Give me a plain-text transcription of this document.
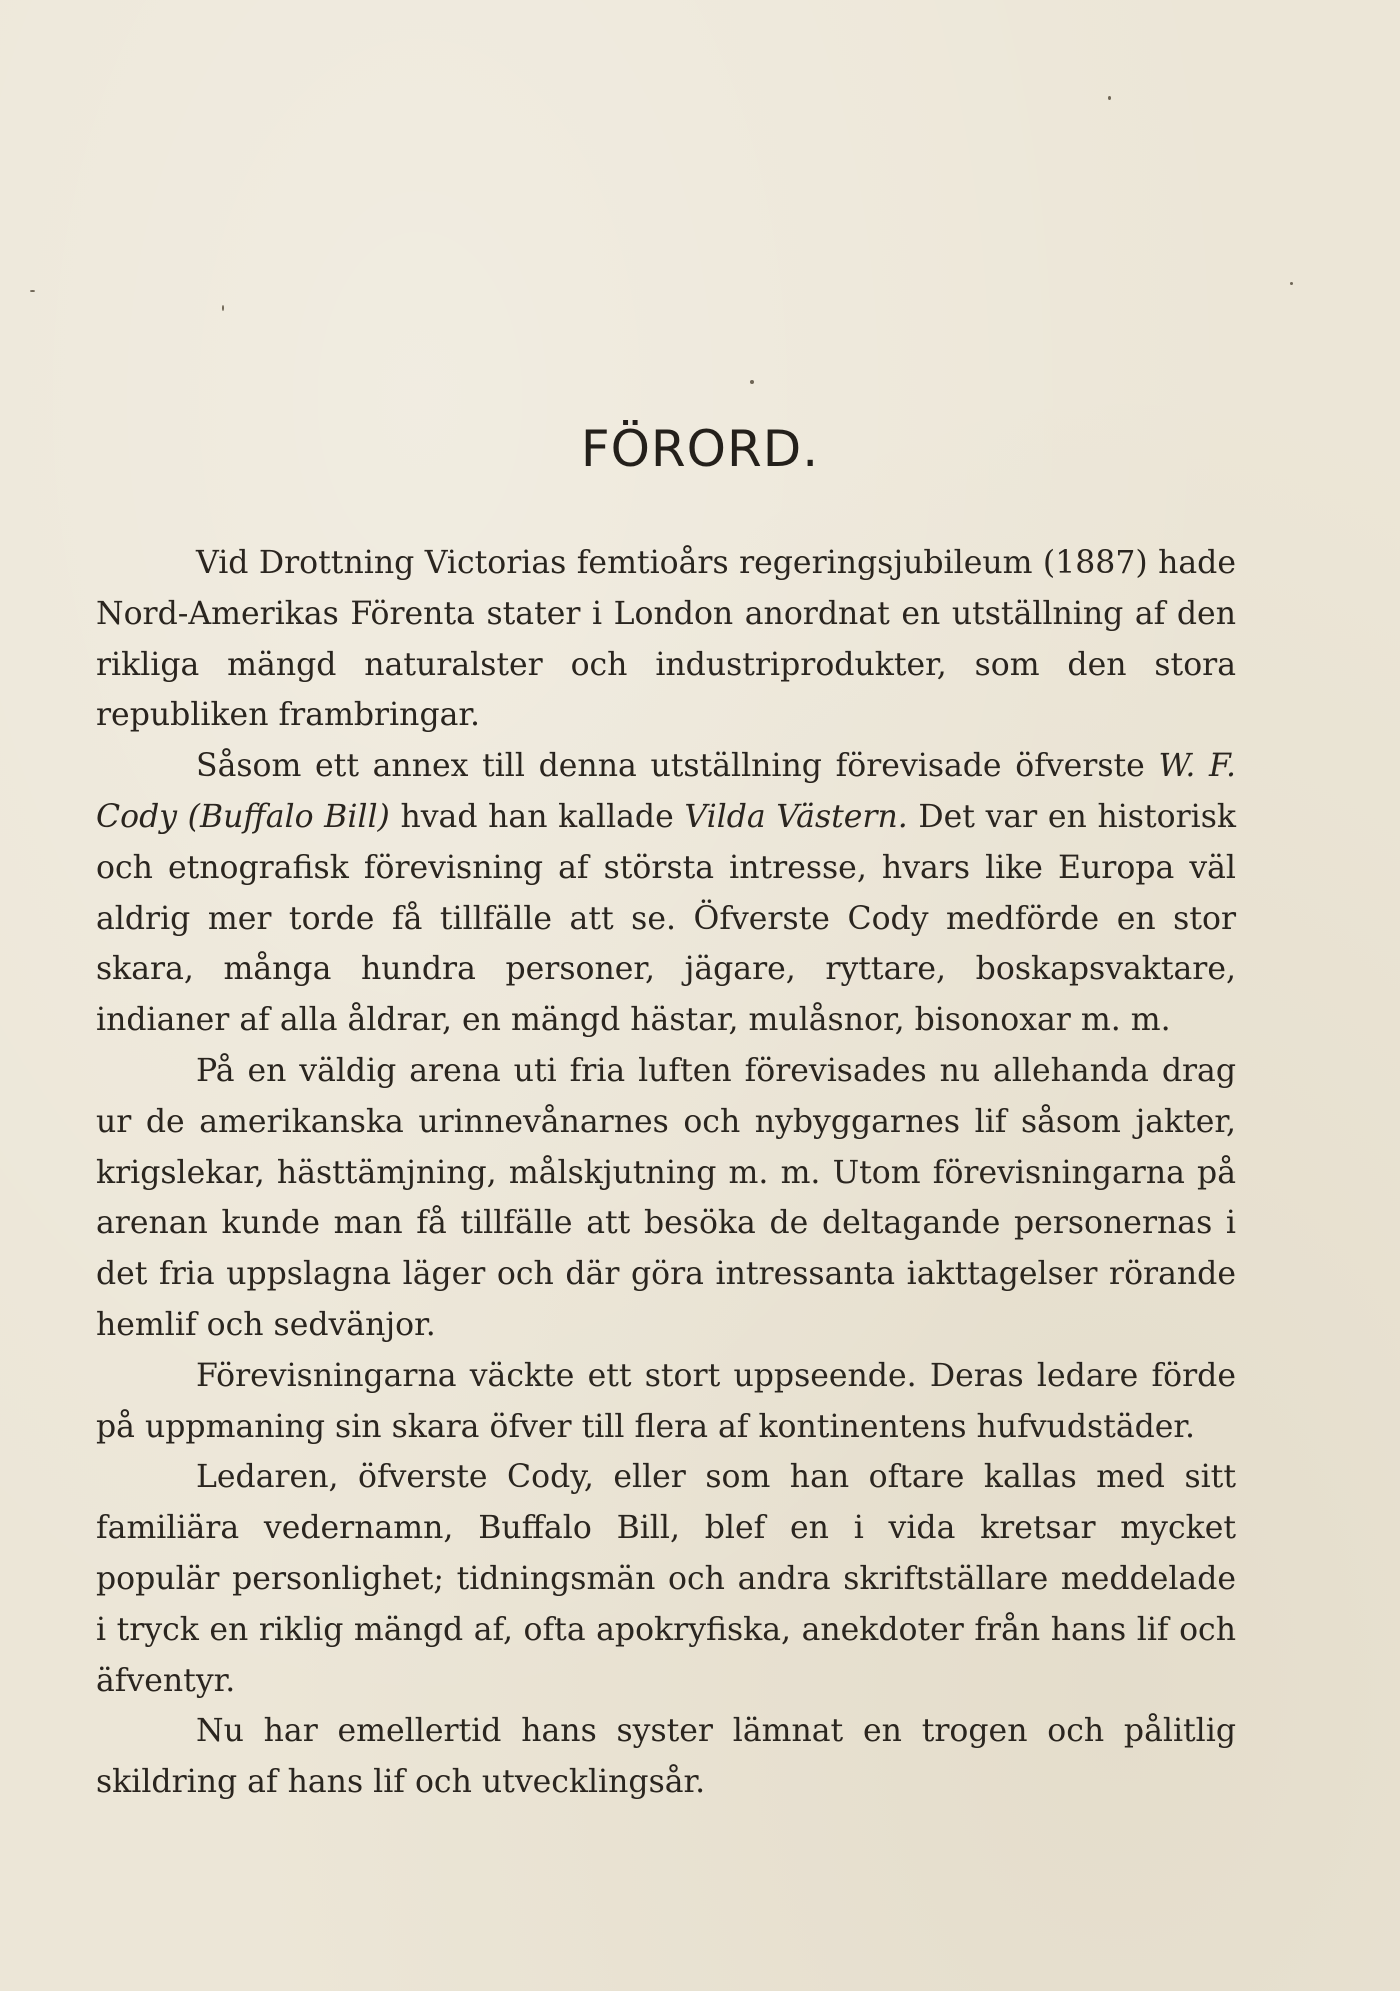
FÖRORD.

Vid Drottning Victorias femtioårs regeringsjubileum (1887) hade Nord-Amerikas Förenta stater i London anordnat en utställning af den rikliga mängd naturalster och industriprodukter, som den stora republiken frambringar.

Såsom ett annex till denna utställning förevisade öfverste W. F. Cody (Buffalo Bill) hvad han kallade Vilda Västern. Det var en historisk och etnografisk förevisning af största intresse, hvars like Europa väl aldrig mer torde få tillfälle att se. Öfverste Cody medförde en stor skara, många hundra personer, jägare, ryttare, boskapsvaktare, indianer af alla åldrar, en mängd hästar, mulåsnor, bisonoxar m. m.

På en väldig arena uti fria luften förevisades nu allehanda drag ur de amerikanska urinnevånarnes och nybyggarnes lif såsom jakter, krigslekar, hästtämjning, målskjutning m. m. Utom förevisningarna på arenan kunde man få tillfälle att besöka de deltagande personernas i det fria uppslagna läger och där göra intressanta iakttagelser rörande hemlif och sedvänjor.

Förevisningarna väckte ett stort uppseende. Deras ledare förde på uppmaning sin skara öfver till flera af kontinentens hufvudstäder.

Ledaren, öfverste Cody, eller som han oftare kallas med sitt familiära vedernamn, Buffalo Bill, blef en i vida kretsar mycket populär personlighet; tidningsmän och andra skriftställare meddelade i tryck en riklig mängd af, ofta apokryfiska, anekdoter från hans lif och äfventyr.

Nu har emellertid hans syster lämnat en trogen och pålitlig skildring af hans lif och utvecklingsår.
